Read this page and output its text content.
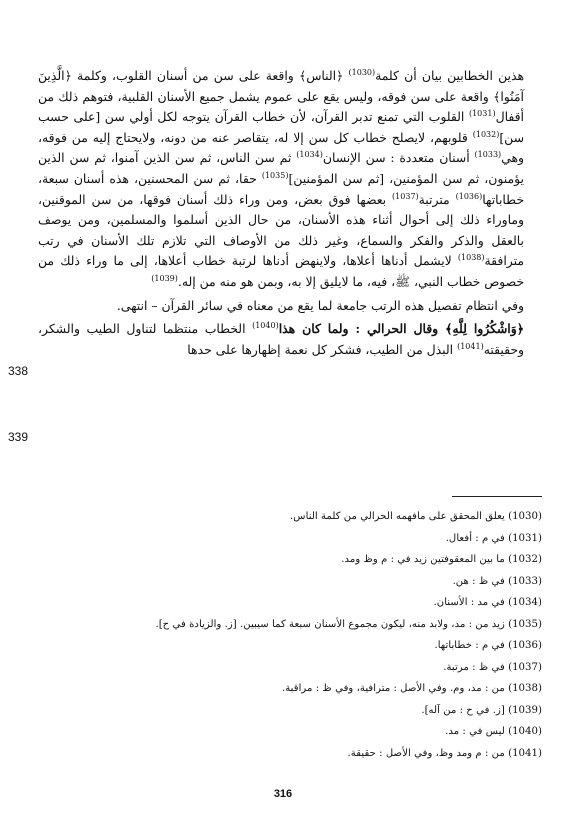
هذين الخطابين بيان أن كلمة$^{(1030)}$ ﴿الناس﴾ واقعة على سن من أسنان القلوب، وكلمة ﴿الَّذِينَ آمَنُوا﴾ واقعة على سن فوقه، وليس يقع على عموم يشمل جميع الأسنان القلبية، فتوهم ذلك من أقفال$^{(1031)}$ القلوب التي تمنع تدبر القرآن، لأن خطاب القرآن يتوجه لكل أولي سن [على حسب سن]$^{(1032)}$ قلوبهم، لايصلح خطاب كل سن إلا له، يتقاصر عنه من دونه، ولايحتاج إليه من فوقه، وهي$^{(1033)}$ أسنان متعددة : سن الإنسان$^{(1034)}$ ثم سن الناس، ثم سن الذين آمنوا، ثم سن الذين يؤمنون، ثم سن المؤمنين، [ثم سن المؤمنين]$^{(1035)}$ حقا، ثم سن المحسنين، هذه أسنان سبعة، خطاباتها$^{(1036)}$ مترتبة$^{(1037)}$ بعضها فوق بعض، ومن وراء ذلك أسنان فوقها، من سن الموقنين، وماوراء ذلك إلى أحوال أثناء هذه الأسنان، من حال الذين أسلموا والمسلمين، ومن يوصف بالعقل والذكر والفكر والسماع، وغير ذلك من الأوصاف التي تلازم تلك الأسنان في رتب مترافقة$^{(1038)}$ لايشمل أدناها أعلاها، ولاينهض أدناها لرتبة خطاب أعلاها، إلى ما وراء ذلك من خصوص خطاب النبي، ﷺ، فيه، ما لايليق إلا به، وبمن هو منه من إله.$^{(1039)}$

وفي انتظام تفصيل هذه الرتب جامعة لما يقع من معناه في سائر القرآن – انتهى.

﴿وَاشْكُرُوا لِلَّهِ﴾ وقال الحرالي : ولما كان هذا$^{(1040)}$ الخطاب منتظما لتناول الطيب والشكر، وحقيقته$^{(1041)}$ البذل من الطيب، فشكر كل نعمة إظهارها على حدها

338
339
(1030) يعلق المحقق على مافهمه الحرالي من كلمة الناس.
(1031) في م : أفعال.
(1032) ما بين المعقوفتين زيد في : م وظ ومد.
(1033) في ظ : هن.
(1034) في مد : الأسنان.
(1035) زيد من : مد، ولابد منه، ليكون مجموع الأسنان سبعة كما سيبين. [ز. والزيادة في ح].
(1036) في م : خطاباتها.
(1037) في ظ : مرتبة.
(1038) من : مد، وم. وفي الأصل : مترافية، وفي ظ : مراقبة.
(1039) [ز. في ح : من آله].
(1040) ليس في : مد.
(1041) من : م ومد وظ، وفي الأصل : حقيقة.
316
